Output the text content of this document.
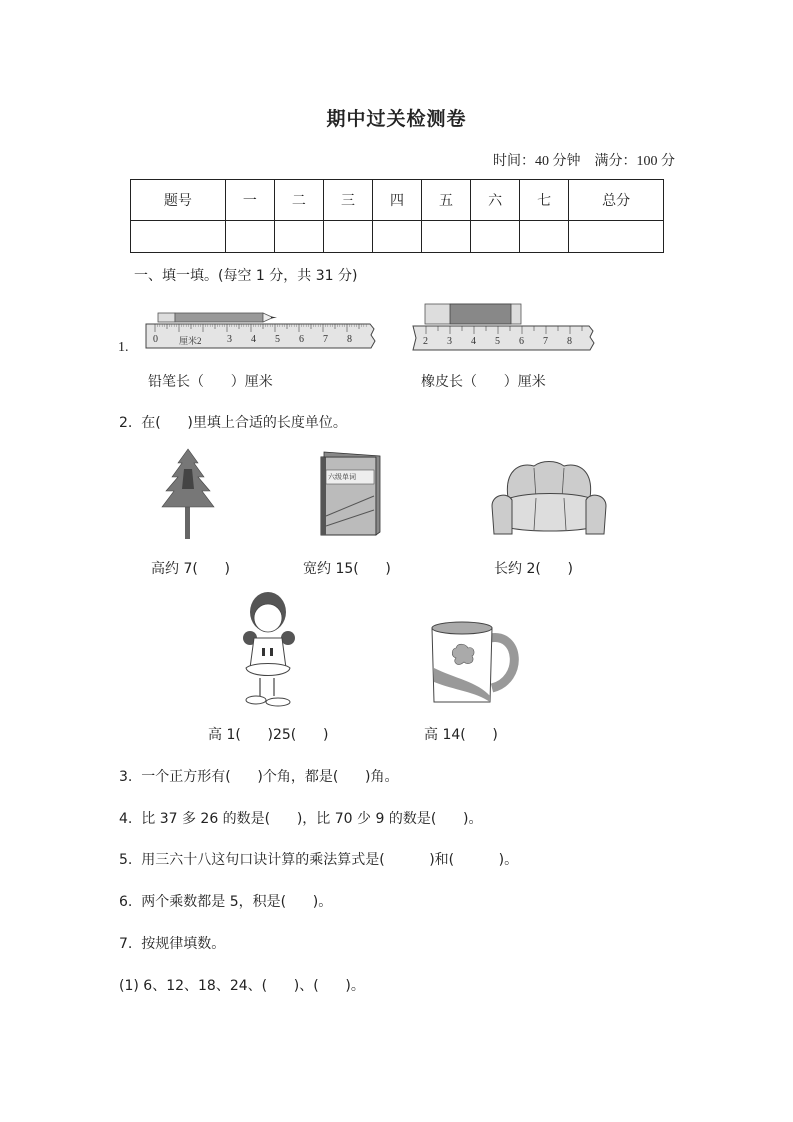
期中过关检测卷
时间：40 分钟 满分：100 分
题号	一	二	三	四	五	六	七	总分

一、填一填。(每空 1 分，共 31 分)
1.
0 厘米2	3 4 5 6 7 8	2 3 4 5 6 7 8
铅笔长（      ）厘米	橡皮长（      ）厘米
2.  在(      )里填上合适的长度单位。
六级单词
高约 7(      )	宽约 15(      )	长约 2(      )
高 1(      )25(      )	高 14(      )
3.  一个正方形有(      )个角，都是(      )角。
4.  比 37 多 26 的数是(      )，比 70 少 9 的数是(      )。
5.  用三六十八这句口诀计算的乘法算式是(          )和(          )。
6.  两个乘数都是 5，积是(      )。
7.  按规律填数。
(1) 6、12、18、24、(      )、(      )。
